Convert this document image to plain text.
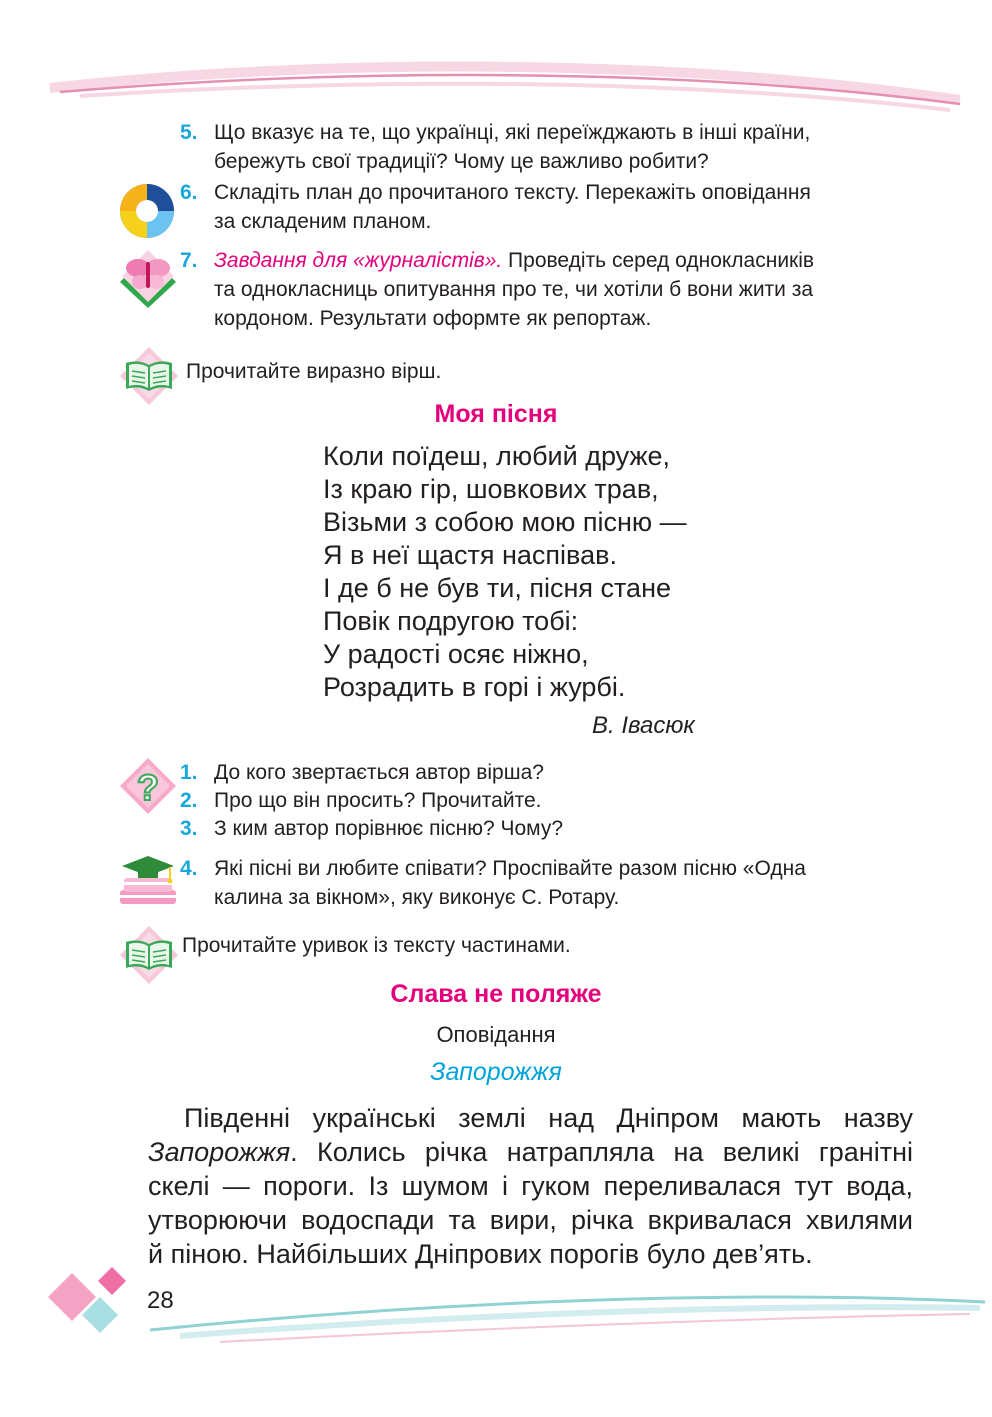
5. Що вказує на те, що українці, які переїжджають в інші країни,
бережуть свої традиції? Чому це важливо робити?
6. Складіть план до прочитаного тексту. Перекажіть оповідання
за складеним планом.
7. Завдання для «журналістів». Проведіть серед однокласників
та однокласниць опитування про те, чи хотіли б вони жити за
кордоном. Результати оформте як репортаж.
Прочитайте виразно вірш.
Моя пісня
Коли поїдеш, любий друже,
Із краю гір, шовкових трав,
Візьми з собою мою пісню —
Я в неї щастя наспівав.
І де б не був ти, пісня стане
Повік подругою тобі:
У радості осяє ніжно,
Розрадить в горі і журбі.
В. Івасюк
? 1. До кого звертається автор вірша?
2. Про що він просить? Прочитайте.
3. З ким автор порівнює пісню? Чому?
4. Які пісні ви любите співати? Проспівайте разом пісню «Одна
калина за вікном», яку виконує С. Ротару.
Прочитайте уривок із тексту частинами.
Слава не поляже
Оповідання
Запорожжя
Південні українські землі над Дніпром мають назву
Запорожжя. Колись річка натрапляла на великі гранітні
скелі — пороги. Із шумом і гуком переливалася тут вода,
утворюючи водоспади та вири, річка вкривалася хвилями
й піною. Найбільших Дніпрових порогів було дев’ять.
28
